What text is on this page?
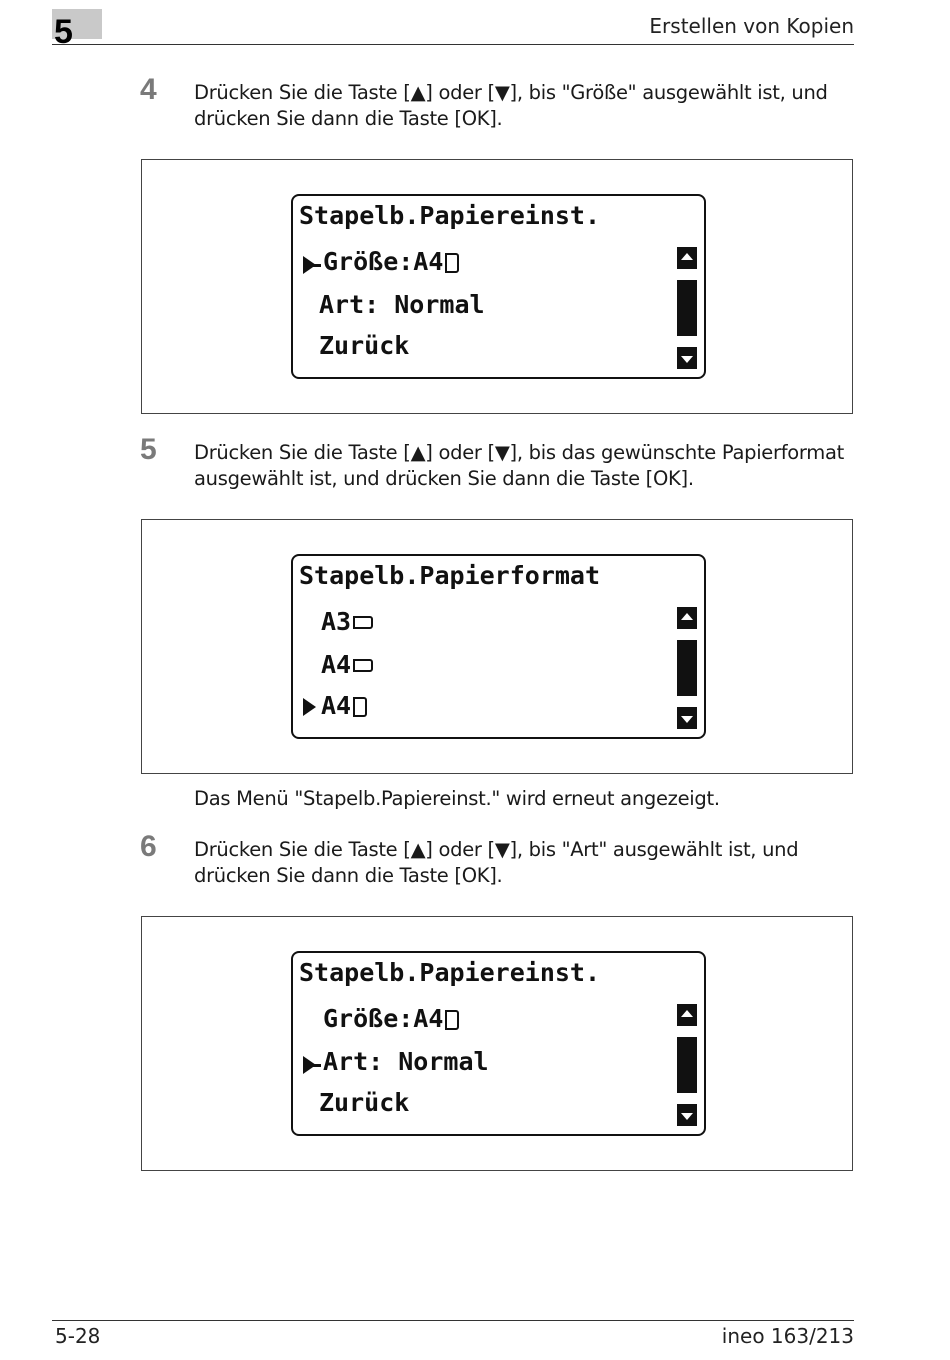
5	Erstellen von Kopien
4 Drücken Sie die Taste [▲] oder [▼], bis "Größe" ausgewählt ist, und drücken Sie dann die Taste [OK].
Stapelb.Papiereinst.
Größe:A4
Art: Normal
Zurück
5 Drücken Sie die Taste [▲] oder [▼], bis das gewünschte Papierformat ausgewählt ist, und drücken Sie dann die Taste [OK].
Stapelb.Papierformat
A3
A4
A4
Das Menü "Stapelb.Papiereinst." wird erneut angezeigt.
6 Drücken Sie die Taste [▲] oder [▼], bis "Art" ausgewählt ist, und drücken Sie dann die Taste [OK].
Stapelb.Papiereinst.
Größe:A4
Art: Normal
Zurück
5-28	ineo 163/213
